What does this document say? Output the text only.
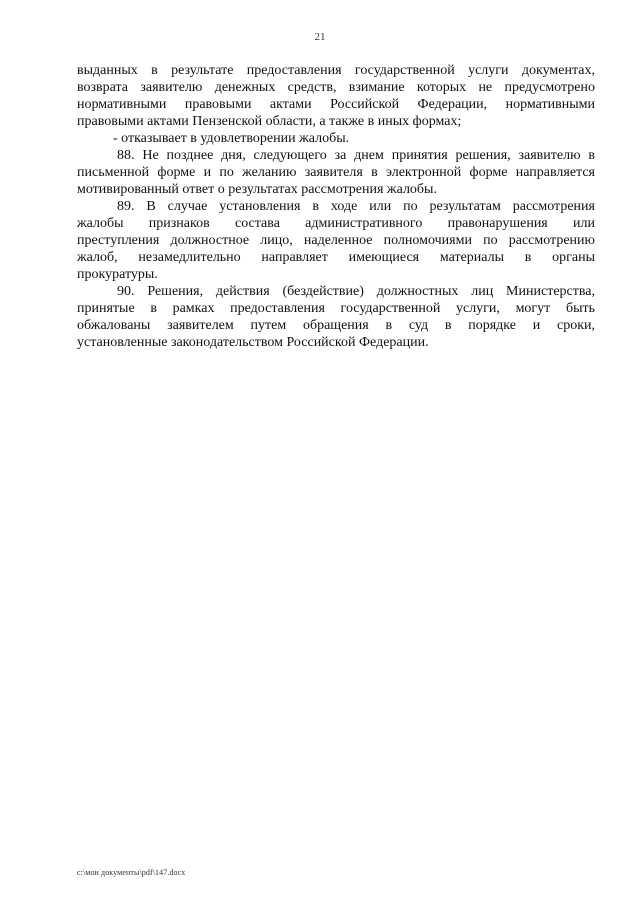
21
выданных в результате предоставления государственной услуги документах,
возврата заявителю денежных средств, взимание которых не предусмотрено
нормативными правовыми актами Российской Федерации, нормативными
правовыми актами Пензенской области, а также в иных формах;
- отказывает в удовлетворении жалобы.
88. Не позднее дня, следующего за днем принятия решения, заявителю в
письменной форме и по желанию заявителя в электронной форме направляется
мотивированный ответ о результатах рассмотрения жалобы.
89. В случае установления в ходе или по результатам рассмотрения
жалобы признаков состава административного правонарушения или
преступления должностное лицо, наделенное полномочиями по рассмотрению
жалоб, незамедлительно направляет имеющиеся материалы в органы
прокуратуры.
90. Решения, действия (бездействие) должностных лиц Министерства,
принятые в рамках предоставления государственной услуги, могут быть
обжалованы заявителем путем обращения в суд в порядке и сроки,
установленные законодательством Российской Федерации.
c:\мои документы\pdf\147.docx
